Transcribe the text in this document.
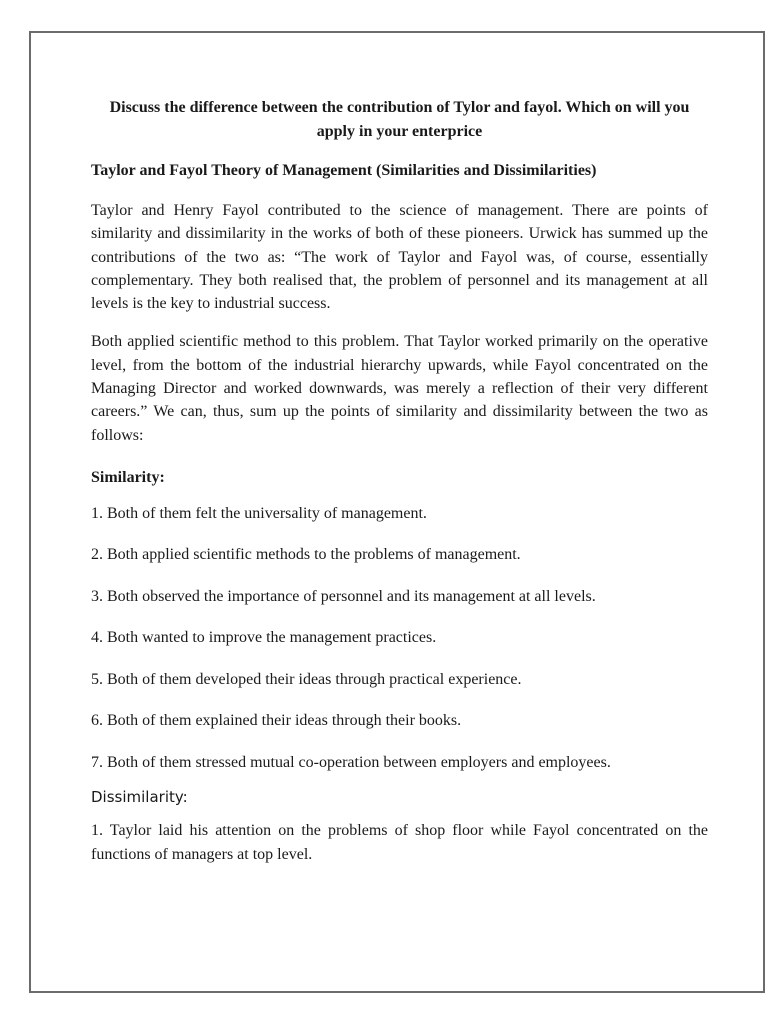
Discuss the difference between the contribution of Tylor and fayol. Which on will you apply in your enterprice

Taylor and Fayol Theory of Management (Similarities and Dissimilarities)

Taylor and Henry Fayol contributed to the science of management. There are points of similarity and dissimilarity in the works of both of these pioneers. Urwick has summed up the contributions of the two as: “The work of Taylor and Fayol was, of course, essentially complementary. They both realised that, the problem of personnel and its management at all levels is the key to industrial success.

Both applied scientific method to this problem. That Taylor worked primarily on the operative level, from the bottom of the industrial hierarchy upwards, while Fayol concentrated on the Managing Director and worked downwards, was merely a reflection of their very different careers.” We can, thus, sum up the points of similarity and dissimilarity between the two as follows:

Similarity:

1. Both of them felt the universality of management.

2. Both applied scientific methods to the problems of management.

3. Both observed the importance of personnel and its management at all levels.

4. Both wanted to improve the management practices.

5. Both of them developed their ideas through practical experience.

6. Both of them explained their ideas through their books.

7. Both of them stressed mutual co-operation between employers and employees.

Dissimilarity:

1. Taylor laid his attention on the problems of shop floor while Fayol concentrated on the functions of managers at top level.
